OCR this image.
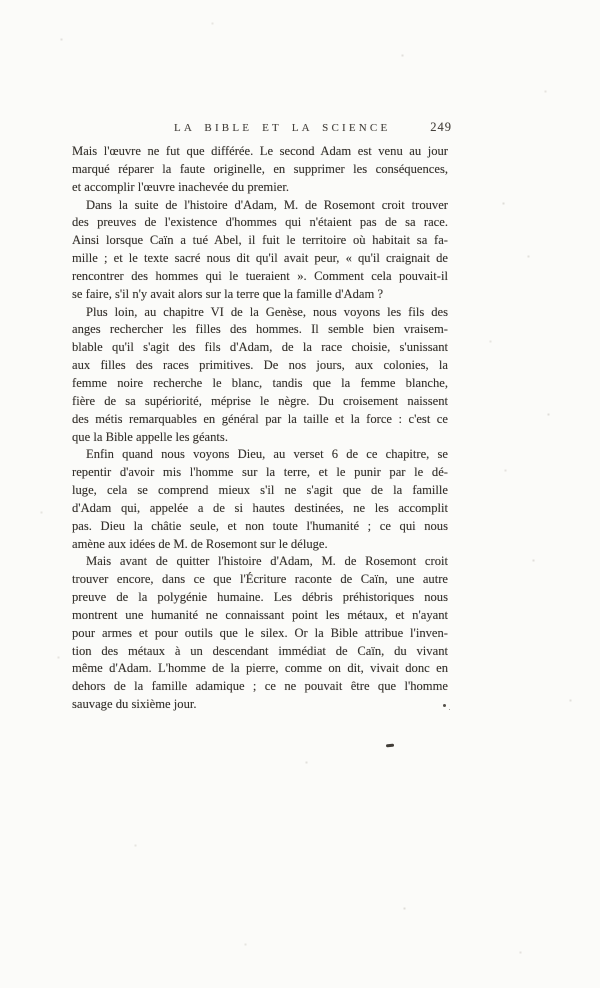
LA BIBLE ET LA SCIENCE	249
Mais l'œuvre ne fut que différée. Le second Adam est venu au jour
marqué réparer la faute originelle, en supprimer les conséquences,
et accomplir l'œuvre inachevée du premier.
Dans la suite de l'histoire d'Adam, M. de Rosemont croit trouver
des preuves de l'existence d'hommes qui n'étaient pas de sa race.
Ainsi lorsque Caïn a tué Abel, il fuit le territoire où habitait sa fa-
mille ; et le texte sacré nous dit qu'il avait peur, « qu'il craignait de
rencontrer des hommes qui le tueraient ». Comment cela pouvait-il
se faire, s'il n'y avait alors sur la terre que la famille d'Adam ?
Plus loin, au chapitre VI de la Genèse, nous voyons les fils des
anges rechercher les filles des hommes. Il semble bien vraisem-
blable qu'il s'agit des fils d'Adam, de la race choisie, s'unissant
aux filles des races primitives. De nos jours, aux colonies, la
femme noire recherche le blanc, tandis que la femme blanche,
fière de sa supériorité, méprise le nègre. Du croisement naissent
des métis remarquables en général par la taille et la force : c'est ce
que la Bible appelle les géants.
Enfin quand nous voyons Dieu, au verset 6 de ce chapitre, se
repentir d'avoir mis l'homme sur la terre, et le punir par le dé-
luge, cela se comprend mieux s'il ne s'agit que de la famille
d'Adam qui, appelée a de si hautes destinées, ne les accomplit
pas. Dieu la châtie seule, et non toute l'humanité ; ce qui nous
amène aux idées de M. de Rosemont sur le déluge.
Mais avant de quitter l'histoire d'Adam, M. de Rosemont croit
trouver encore, dans ce que l'Écriture raconte de Caïn, une autre
preuve de la polygénie humaine. Les débris préhistoriques nous
montrent une humanité ne connaissant point les métaux, et n'ayant
pour armes et pour outils que le silex. Or la Bible attribue l'inven-
tion des métaux à un descendant immédiat de Caïn, du vivant
même d'Adam. L'homme de la pierre, comme on dit, vivait donc en
dehors de la famille adamique ; ce ne pouvait être que l'homme
sauvage du sixième jour.
